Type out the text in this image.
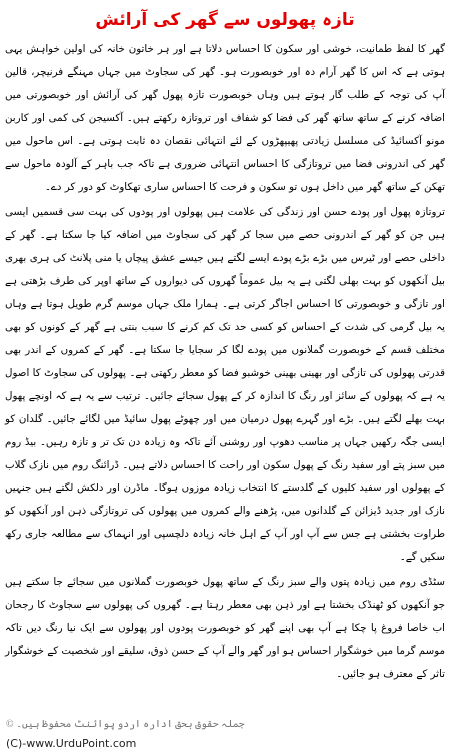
تازہ پھولوں سے گھر کی آرائش

گھر کا لفظ طمانیت، خوشی اور سکون کا احساس دلاتا ہے اور ہر خاتون خانہ کی اولین خواہش یہی ہوتی ہے کہ اس کا گھر آرام دہ اور خوبصورت ہو۔ گھر کی سجاوٹ میں جہاں مہنگے فرنیچر، قالین آپ کی توجہ کے طلب گار ہوتے ہیں وہاں خوبصورت تازہ پھول گھر کی آرائش اور خوبصورتی میں اضافہ کرنے کے ساتھ ساتھ گھر کی فضا کو شفاف اور تروتازہ رکھتے ہیں۔ آکسیجن کی کمی اور کاربن مونو آکسائیڈ کی مسلسل زیادتی پھیپھڑوں کے لئے انتہائی نقصان دہ ثابت ہوتی ہے۔ اس ماحول میں گھر کی اندرونی فضا میں تروتازگی کا احساس انتہائی ضروری ہے تاکہ جب باہر کے آلودہ ماحول سے تھکن کے ساتھ گھر میں داخل ہوں تو سکون و فرحت کا احساس ساری تھکاوٹ کو دور کر دے۔

تروتازہ پھول اور پودے حسن اور زندگی کی علامت ہیں پھولوں اور پودوں کی بہت سی قسمیں ایسی ہیں جن کو گھر کے اندرونی حصے میں سجا کر گھر کی سجاوٹ میں اضافہ کیا جا سکتا ہے۔ گھر کے داخلی حصے اور ٹیرس میں بڑے بڑے پودے ایسے لگتے ہیں جیسے عشق پیچاں یا منی پلانٹ کی ہری بھری بیل آنکھوں کو بہت بھلی لگتی ہے یہ بیل عموماً گھروں کی دیواروں کے ساتھ اوپر کی طرف بڑھتی ہے اور تازگی و خوبصورتی کا احساس اجاگر کرتی ہے۔ ہمارا ملک جہاں موسم گرم طویل ہوتا ہے وہاں یہ بیل گرمی کی شدت کے احساس کو کسی حد تک کم کرنے کا سبب بنتی ہے گھر کے کونوں کو بھی مختلف قسم کے خوبصورت گملانوں میں پودے لگا کر سجایا جا سکتا ہے۔ گھر کے کمروں کے اندر بھی قدرتی پھولوں کی تازگی اور بھینی بھینی خوشبو فضا کو معطر رکھتی ہے۔ پھولوں کی سجاوٹ کا اصول یہ ہے کہ پھولوں کے سائز اور رنگ کا اندازہ کر کے پھول سجائے جائیں۔ ترتیب سے یہ ہے کہ اونچے پھول بہت بھلے لگتے ہیں۔ بڑے اور گہرے پھول درمیان میں اور چھوٹے پھول سائیڈ میں لگائے جائیں۔ گلدان کو ایسی جگہ رکھیں جہاں پر مناسب دھوپ اور روشنی آئے تاکہ وہ زیادہ دن تک تر و تازہ رہیں۔ بیڈ روم میں سبز پتے اور سفید رنگ کے پھول سکون اور راحت کا احساس دلاتے ہیں۔ ڈرائنگ روم میں نازک گلاب کے پھولوں اور سفید کلیوں کے گلدستے کا انتخاب زیادہ موزوں ہوگا۔ ماڈرن اور دلکش لگتے ہیں جنہیں نازک اور جدید ڈیزائن کے گلدانوں میں، پڑھنے والے کمروں میں پھولوں کی تروتازگی ذہن اور آنکھوں کو طراوت بخشتی ہے جس سے آپ اور آپ کے اہل خانہ زیادہ دلچسپی اور انہماک سے مطالعہ جاری رکھ سکیں گے۔

سٹڈی روم میں زیادہ پتوں والے سبز رنگ کے ساتھ پھول خوبصورت گملانوں میں سجائے جا سکتے ہیں جو آنکھوں کو ٹھنڈک بخشتا ہے اور ذہن بھی معطر رہتا ہے۔ گھروں کی پھولوں سے سجاوٹ کا رجحان اب خاصا فروغ پا چکا ہے آپ بھی اپنے گھر کو خوبصورت پودوں اور پھولوں سے ایک نیا رنگ دیں تاکہ موسم گرما میں خوشگوار احساس ہو اور گھر والے آپ کے حسن ذوق، سلیقے اور شخصیت کے خوشگوار تاثر کے معترف ہو جائیں۔

جملہ حقوق بحق ادارہ اردو پوائنٹ محفوظ ہیں۔ ©
(C)-www.UrduPoint.com
